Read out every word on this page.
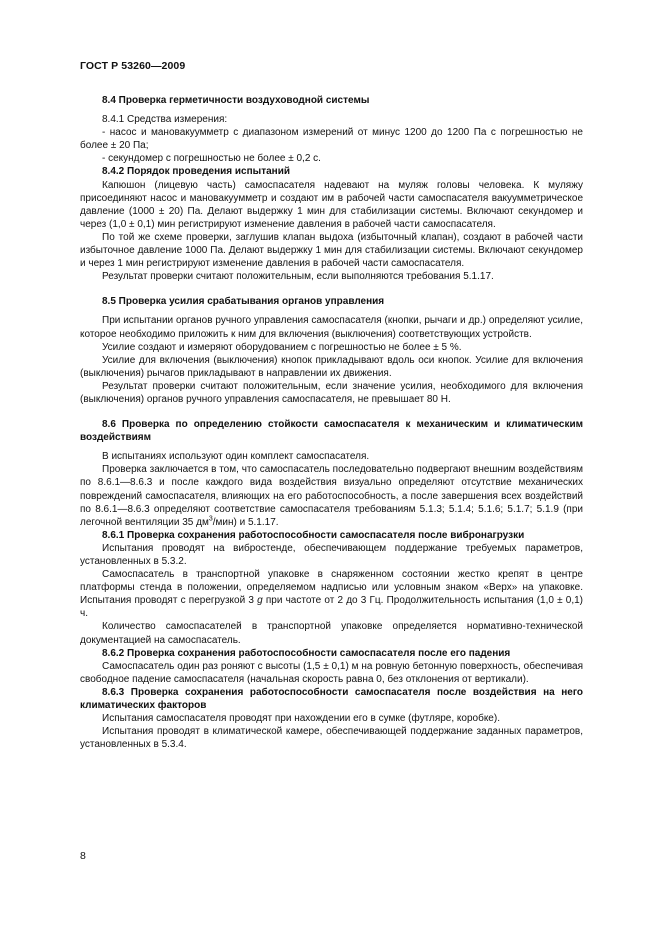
ГОСТ Р 53260—2009

8.4 Проверка герметичности воздуховодной системы

8.4.1 Средства измерения:

- насос и мановакуумметр с диапазоном измерений от минус 1200 до 1200 Па с погрешностью не более ± 20 Па;

- секундомер с погрешностью не более ± 0,2 с.

8.4.2 Порядок проведения испытаний

Капюшон (лицевую часть) самоспасателя надевают на муляж головы человека. К муляжу присоединяют насос и мановакуумметр и создают им в рабочей части самоспасателя вакуумметрическое давление (1000 ± 20) Па. Делают выдержку 1 мин для стабилизации системы. Включают секундомер и через (1,0 ± 0,1) мин регистрируют изменение давления в рабочей части самоспасателя.

По той же схеме проверки, заглушив клапан выдоха (избыточный клапан), создают в рабочей части избыточное давление 1000 Па. Делают выдержку 1 мин для стабилизации системы. Включают секундомер и через 1 мин регистрируют изменение давления в рабочей части самоспасателя.

Результат проверки считают положительным, если выполняются требования 5.1.17.

8.5 Проверка усилия срабатывания органов управления

При испытании органов ручного управления самоспасателя (кнопки, рычаги и др.) определяют усилие, которое необходимо приложить к ним для включения (выключения) соответствующих устройств.

Усилие создают и измеряют оборудованием с погрешностью не более ± 5 %.

Усилие для включения (выключения) кнопок прикладывают вдоль оси кнопок. Усилие для включения (выключения) рычагов прикладывают в направлении их движения.

Результат проверки считают положительным, если значение усилия, необходимого для включения (выключения) органов ручного управления самоспасателя, не превышает 80 Н.

8.6 Проверка по определению стойкости самоспасателя к механическим и климатическим воздействиям

В испытаниях используют один комплект самоспасателя.

Проверка заключается в том, что самоспасатель последовательно подвергают внешним воздействиям по 8.6.1—8.6.3 и после каждого вида воздействия визуально определяют отсутствие механических повреждений самоспасателя, влияющих на его работоспособность, а после завершения всех воздействий по 8.6.1—8.6.3 определяют соответствие самоспасателя требованиям 5.1.3; 5.1.4; 5.1.6; 5.1.7; 5.1.9 (при легочной вентиляции 35 $дм^3/мин$) и 5.1.17.

8.6.1 Проверка сохранения работоспособности самоспасателя после вибронагрузки

Испытания проводят на вибростенде, обеспечивающем поддержание требуемых параметров, установленных в 5.3.2.

Самоспасатель в транспортной упаковке в снаряженном состоянии жестко крепят в центре платформы стенда в положении, определяемом надписью или условным знаком «Верх» на упаковке. Испытания проводят с перегрузкой 3 g при частоте от 2 до 3 Гц. Продолжительность испытания (1,0 ± 0,1) ч.

Количество самоспасателей в транспортной упаковке определяется нормативно-технической документацией на самоспасатель.

8.6.2 Проверка сохранения работоспособности самоспасателя после его падения

Самоспасатель один раз роняют с высоты (1,5 ± 0,1) м на ровную бетонную поверхность, обеспечивая свободное падение самоспасателя (начальная скорость равна 0, без отклонения от вертикали).

8.6.3 Проверка сохранения работоспособности самоспасателя после воздействия на него климатических факторов

Испытания самоспасателя проводят при нахождении его в сумке (футляре, коробке).

Испытания проводят в климатической камере, обеспечивающей поддержание заданных параметров, установленных в 5.3.4.

8
